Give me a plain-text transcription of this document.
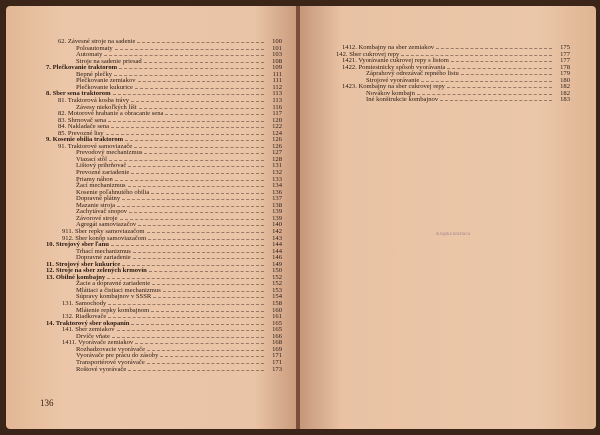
62. Závesné stroje na sadenie	100
Poloautomaty	101
Automaty	103
Stroje na sadenie priesad	108
7. Plečkovanie traktorom	109
Bepné plečky	111
Plečkovanie zemiakov	111
Plečkovanie kukurice	112
8. Sber sena traktorom	113
81. Traktorová kosba trávy	113
Závesy niekoľkých líšt	116
82. Motorové hrabanie a obracanie sena	117
83. Shrnovač sena	120
84. Nakladače sena	122
85. Prevozné lisy	124
9. Kosenie obilia traktorom	126
91. Traktorové samoviazače	126
Prevodový mechanizmus	127
Viazací stôl	128
Lištový prihrňovač	131
Prevozné zariadenie	132
Priamy náhon	133
Žací mechanizmus	134
Kosenie poľahnutého obilia	136
Dopravné plátny	137
Mazanie stroja	138
Zachytávač snopov	139
Závorové stroje	139
Agregát samoviazačov	140
911. Sber repky samoviazačom	142
912. Sber konôp samoviazačom	143
10. Strojový sber ľanu	144
Trhací mechanizmus	144
Dopravné zariadenie	146
11. Strojový sber kukurice	149
12. Stroje na sber zelených krmovín	150
13. Obilné kombajny	152
Žacie a dopravné zariadenie	152
Mlátiaci a čistiaci mechanizmus	153
Súpravy kombajnov v SSSR	154
131. Samochody	158
Mlátenie repky kombajnom	160
132. Riadkovače	161
14. Traktorový sber okopanín	165
141. Sber zemiakov	165
Drvíče vňate	166
1411. Vyorávače zemiakov	168
Rozhadzovacie vyorávače	169
Vyorávače pre prácu do zásoby	171
Transportérové vyorávače	171
Roštové vyorávače	173
136
1412. Kombajny na sber zemiakov	175
142. Sber cukrovej repy	177
1421. Vyorávanie cukrovej repy s listom	177
1422. Pomiestnicky spôsob vyorávania	178
Záprahový odrezávač repného listu	179
Strojové vyorávanie	180
1423. Kombajny na sber cukrovej repy	182
Novákov kombajn	182
Iné konštrukcie kombajnov	183
Krajská knižnica
